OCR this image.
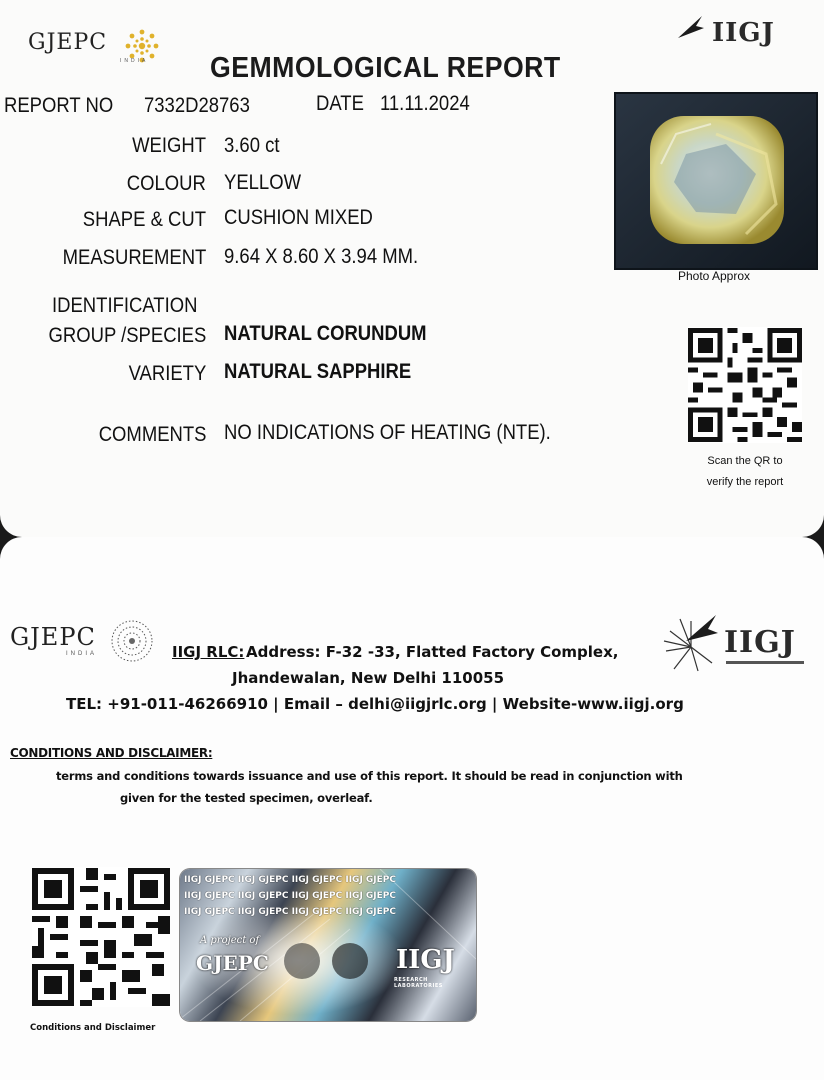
GJEPC
INDIA
IIGJ
GEMMOLOGICAL REPORT
REPORT NO 7332D28763	DATE 11.11.2024
WEIGHT 3.60 ct
COLOUR YELLOW
SHAPE & CUT CUSHION MIXED
MEASUREMENT 9.64 X 8.60 X 3.94 MM.
IDENTIFICATION
GROUP /SPECIES NATURAL CORUNDUM
VARIETY NATURAL SAPPHIRE
COMMENTS NO INDICATIONS OF HEATING (NTE).
Photo Approx
Scan the QR to
verify the report
GJEPC
INDIA	IIGJ
IIGJ RLC: Address: F-32 -33, Flatted Factory Complex,
Jhandewalan, New Delhi 110055
TEL: +91-011-46266910 | Email – delhi@iigjrlc.org | Website-www.iigj.org
CONDITIONS AND DISCLAIMER:
terms and conditions towards issuance and use of this report. It should be read in conjunction with
given for the tested specimen, overleaf.
Conditions and Disclaimer
IIGJ GJEPC IIGJ GJEPC IIGJ GJEPC IIGJ GJEPC
IIGJ GJEPC IIGJ GJEPC IIGJ GJEPC IIGJ GJEPC
IIGJ GJEPC IIGJ GJEPC IIGJ GJEPC IIGJ GJEPC
A project of
GJEPC	IIGJ
RESEARCH LABORATORIES
